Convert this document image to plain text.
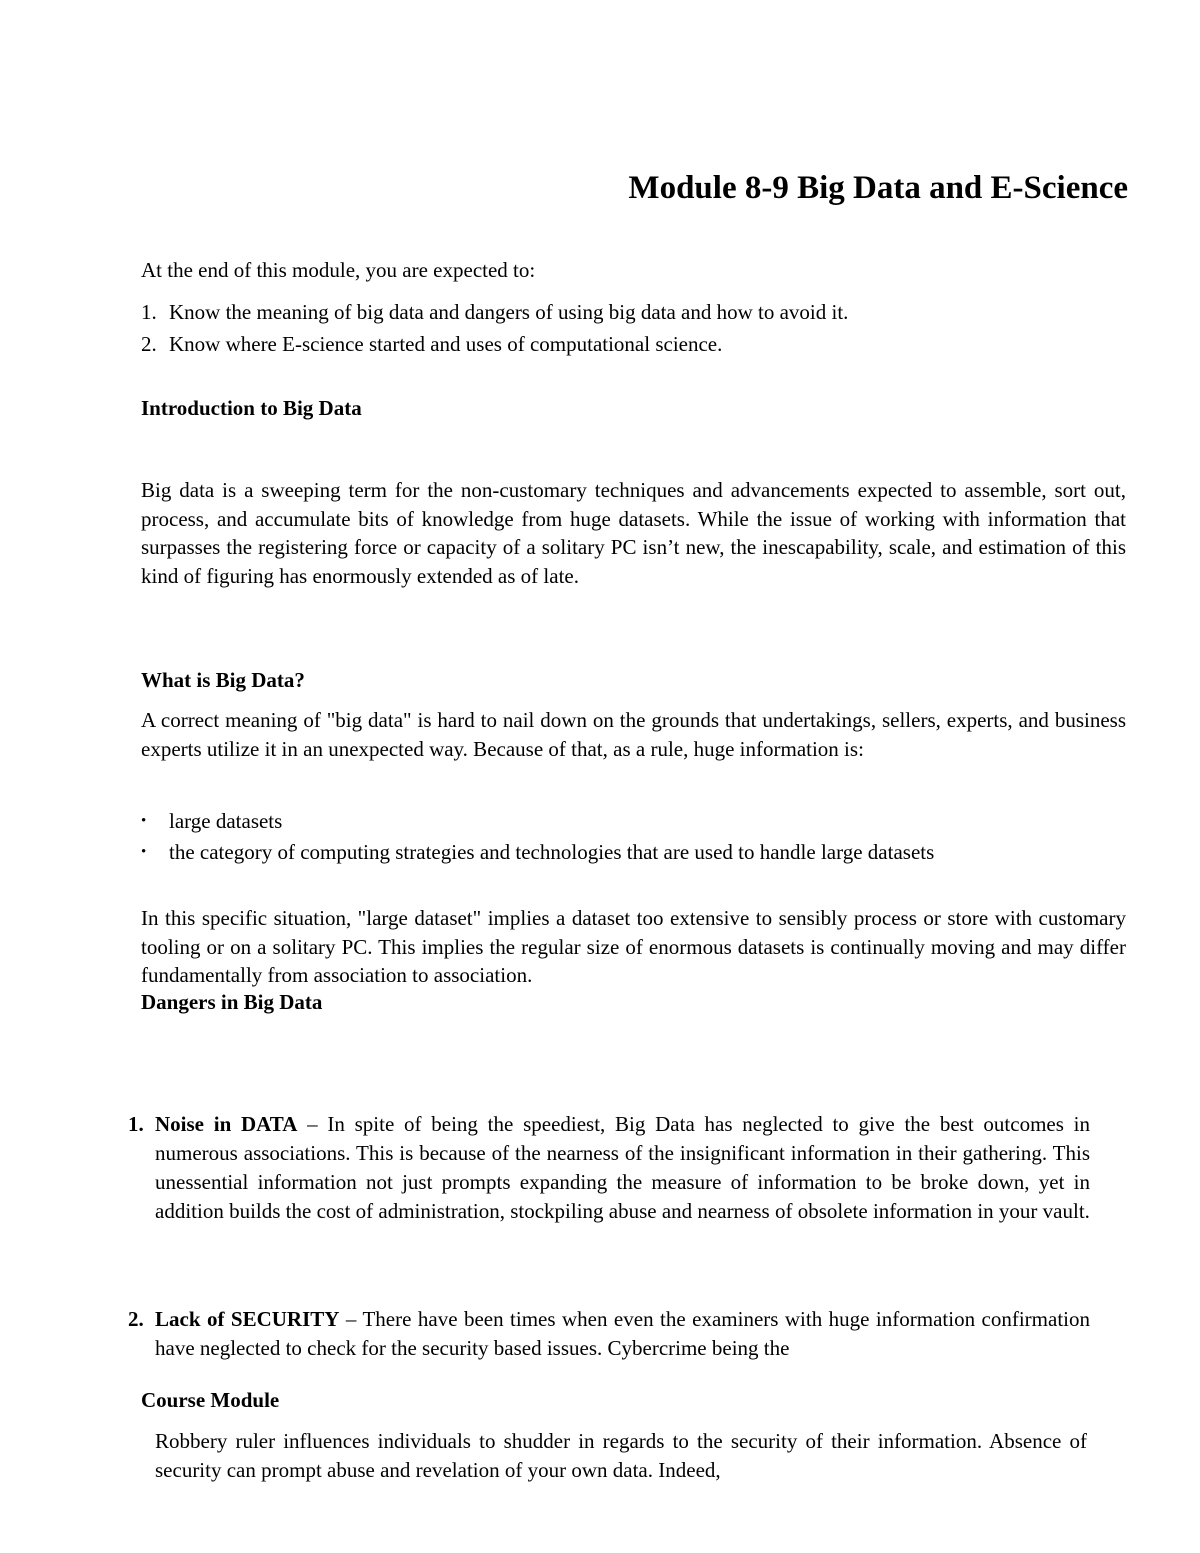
Module 8-9 Big Data and E-Science

At the end of this module, you are expected to:

1. Know the meaning of big data and dangers of using big data and how to avoid it.
2. Know where E-science started and uses of computational science.
Introduction to Big Data

Big data is a sweeping term for the non-customary techniques and advancements expected to assemble, sort out, process, and accumulate bits of knowledge from huge datasets. While the issue of working with information that surpasses the registering force or capacity of a solitary PC isn’t new, the inescapability, scale, and estimation of this kind of figuring has enormously extended as of late.

What is Big Data?

A correct meaning of "big data" is hard to nail down on the grounds that undertakings, sellers, experts, and business experts utilize it in an unexpected way. Because of that, as a rule, huge information is:

•	large datasets
•	the category of computing strategies and technologies that are used to handle large datasets

In this specific situation, "large dataset" implies a dataset too extensive to sensibly process or store with customary tooling or on a solitary PC. This implies the regular size of enormous datasets is continually moving and may differ fundamentally from association to association.

Dangers in Big Data
1. Noise in DATA – In spite of being the speediest, Big Data has neglected to give the best outcomes in numerous associations. This is because of the nearness of the insignificant information in their gathering. This unessential information not just prompts expanding the measure of information to be broke down, yet in addition builds the cost of administration, stockpiling abuse and nearness of obsolete information in your vault.
2. Lack of SECURITY – There have been times when even the examiners with huge information confirmation have neglected to check for the security based issues. Cybercrime being the
Course Module

Robbery ruler influences individuals to shudder in regards to the security of their information. Absence of security can prompt abuse and revelation of your own data. Indeed,
